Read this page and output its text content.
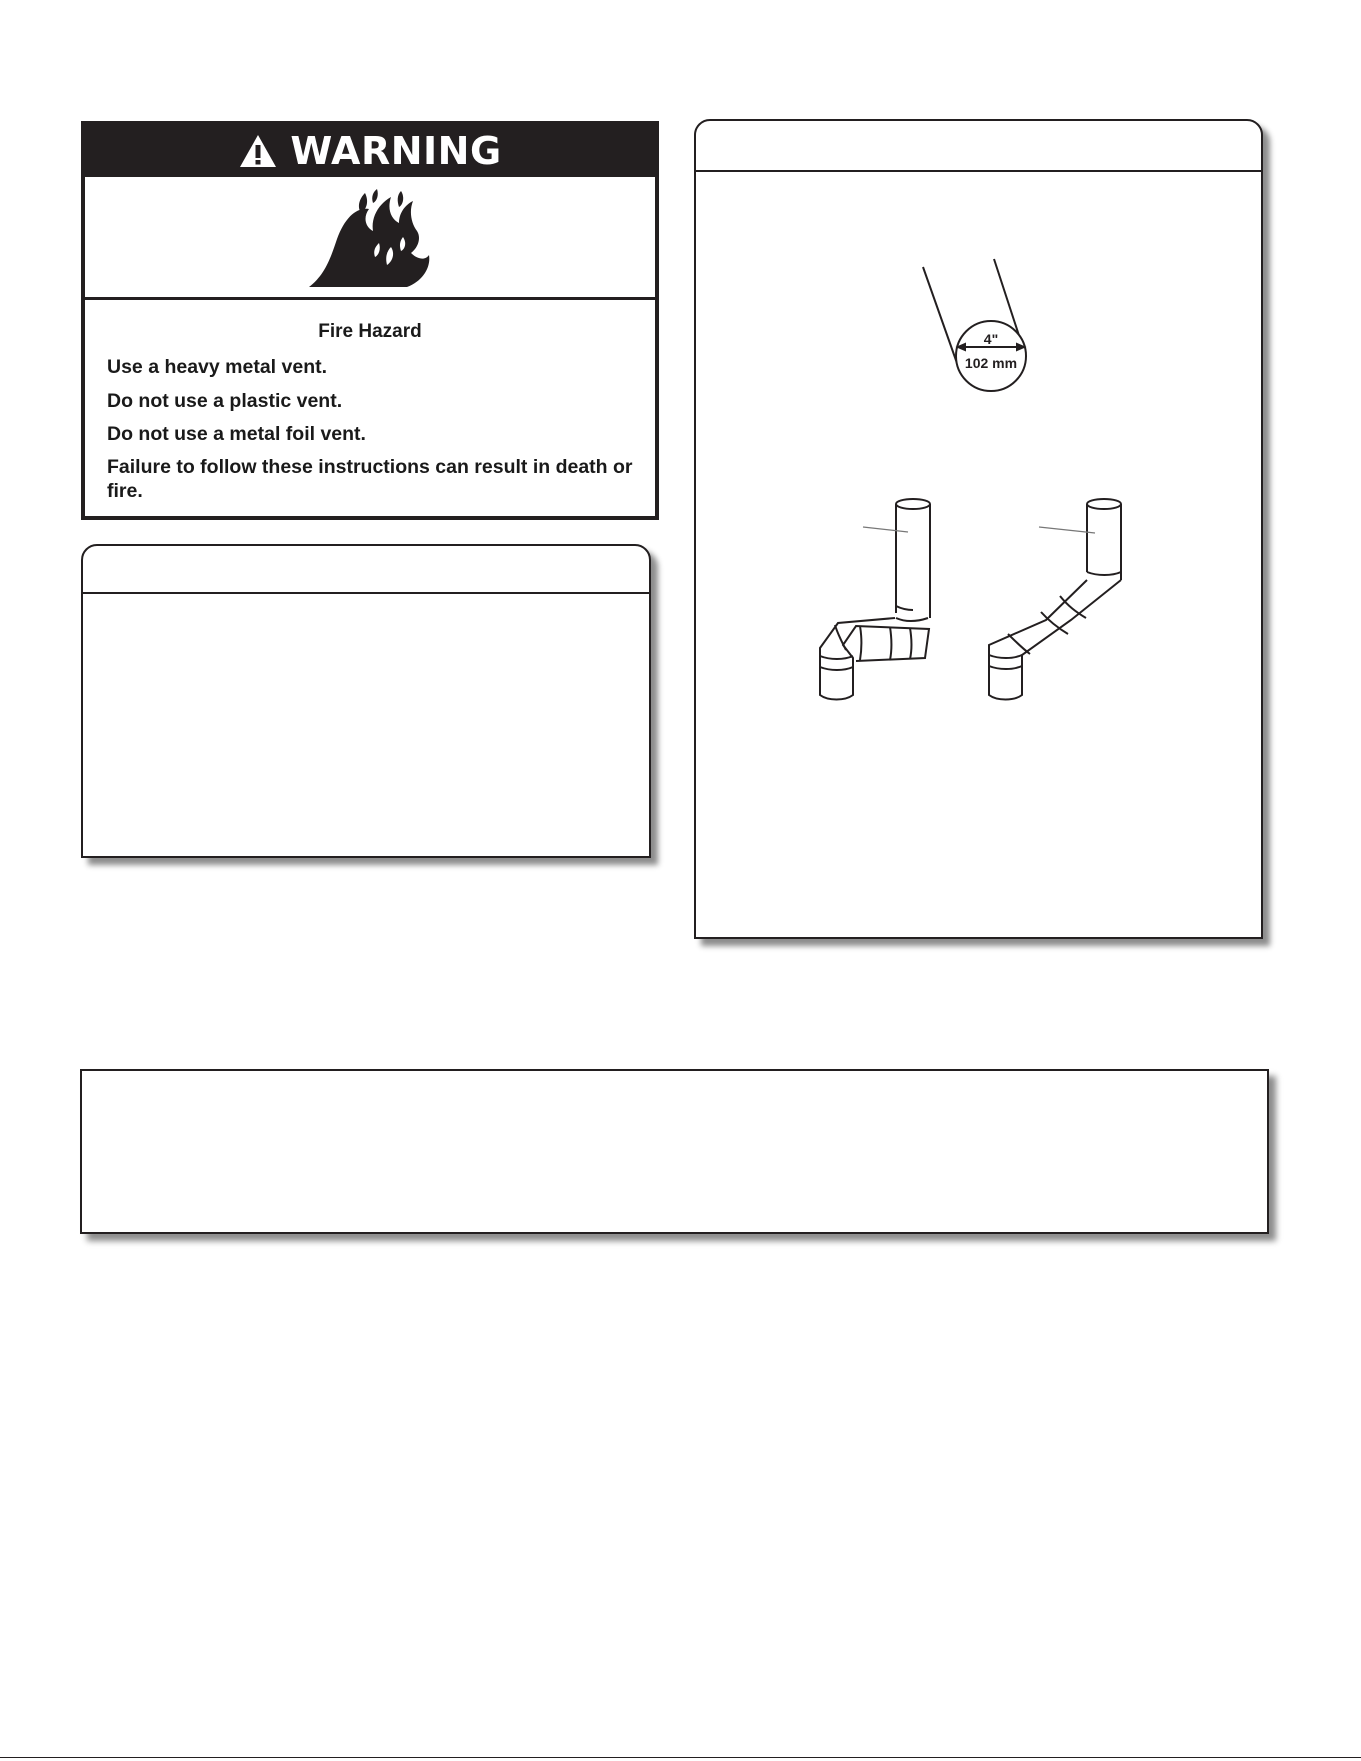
WARNING
Fire Hazard
Use a heavy metal vent.
Do not use a plastic vent.
Do not use a metal foil vent.
Failure to follow these instructions can result in death or fire.
4"
102 mm
